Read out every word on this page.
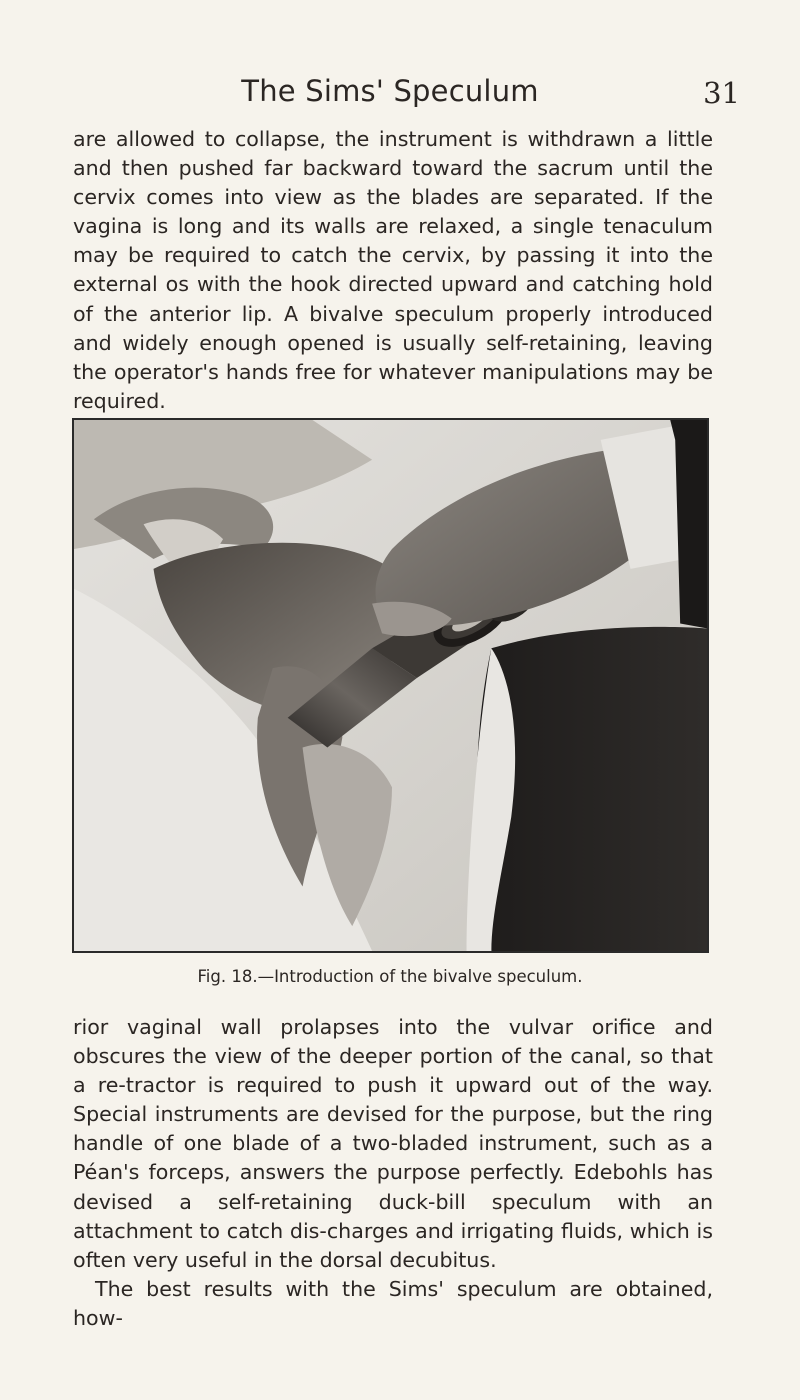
The Sims' Speculum	31

are allowed to collapse, the instrument is withdrawn a little and then pushed far backward toward the sacrum until the cervix comes into view as the blades are separated. If the vagina is long and its walls are relaxed, a single tenaculum may be required to catch the cervix, by passing it into the external os with the hook directed upward and catching hold of the anterior lip. A bivalve speculum properly introduced and widely enough opened is usually self-retaining, leaving the operator's hands free for whatever manipulations may be required.

Fig. 18.—Introduction of the bivalve speculum.

rior vaginal wall prolapses into the vulvar orifice and obscures the view of the deeper portion of the canal, so that a re-tractor is required to push it upward out of the way. Special instruments are devised for the purpose, but the ring handle of one blade of a two-bladed instrument, such as a Péan's forceps, answers the purpose perfectly. Edebohls has devised a self-retaining duck-bill speculum with an attachment to catch dis-charges and irrigating fluids, which is often very useful in the dorsal decubitus.

The best results with the Sims' speculum are obtained, how-
